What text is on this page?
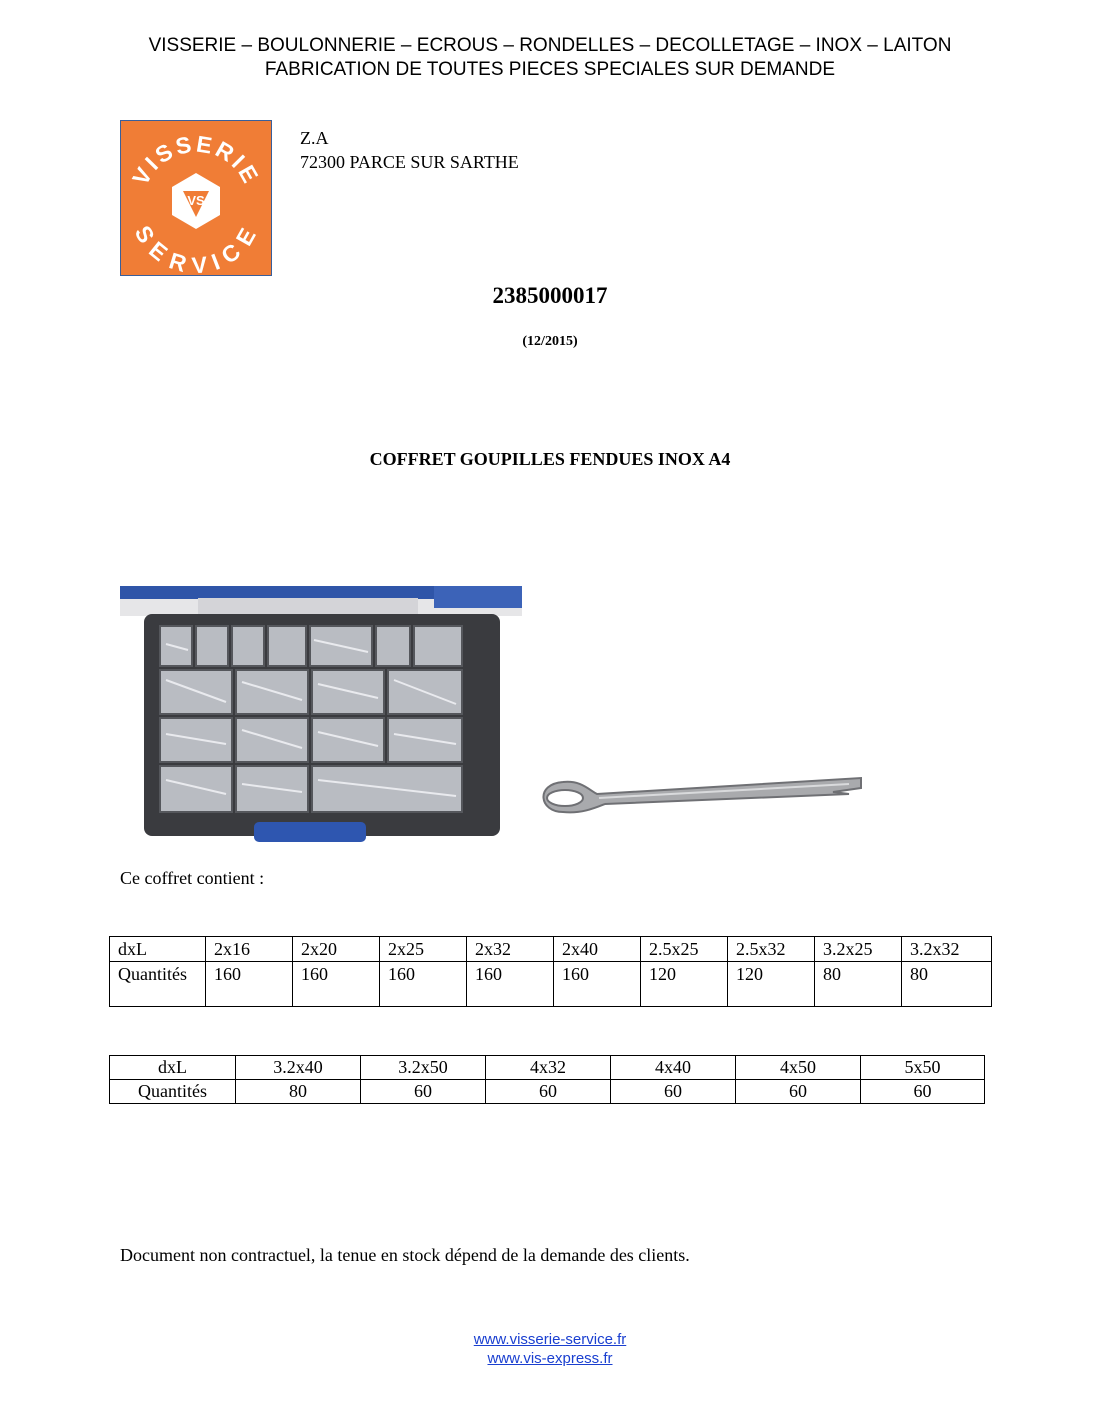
VISSERIE – BOULONNERIE – ECROUS – RONDELLES – DECOLLETAGE – INOX – LAITON
FABRICATION DE TOUTES PIECES SPECIALES SUR DEMANDE
VISSERIE
SERVICE
VS
Z.A
72300 PARCE SUR SARTHE
2385000017
(12/2015)
COFFRET GOUPILLES FENDUES INOX A4
Ce coffret contient :
dxL	2x16	2x20	2x25	2x32	2x40	2.5x25	2.5x32	3.2x25	3.2x32
Quantités	160	160	160	160	160	120	120	80	80
dxL	3.2x40	3.2x50	4x32	4x40	4x50	5x50
Quantités	80	60	60	60	60	60
Document non contractuel, la tenue en stock dépend de la demande des clients.
www.visserie-service.fr
www.vis-express.fr
